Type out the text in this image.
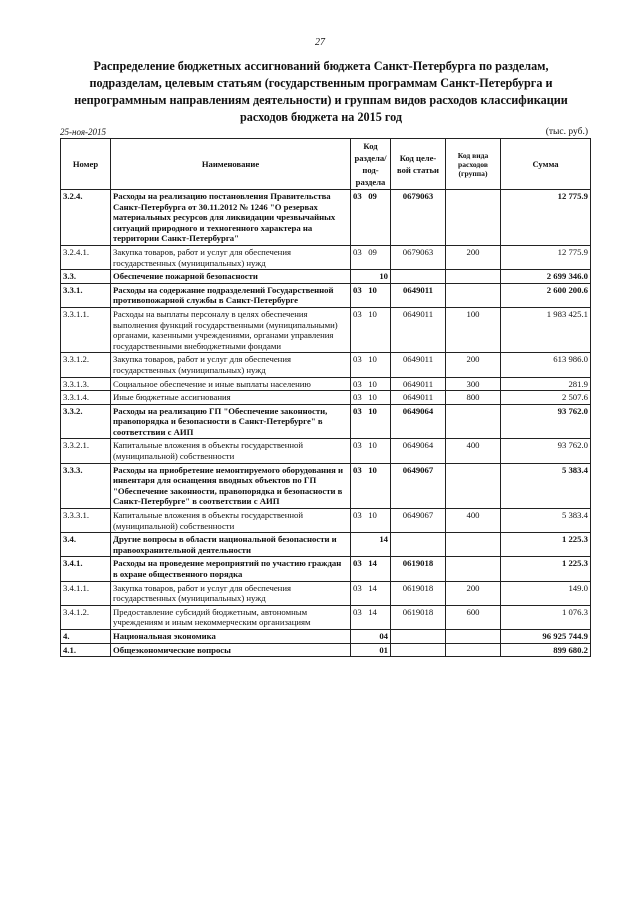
27
Распределение бюджетных ассигнований бюджета Санкт-Петербурга по разделам, подразделам, целевым статьям (государственным программам Санкт-Петербурга и непрограммным направлениям деятельности) и группам видов расходов классификации расходов бюджета на 2015 год
25-ноя-2015	(тыс. руб.)
Номер	Наименование	Код раздела/ под- раздела	Код целе- вой статьи	Код вида расходов (группа)	Сумма
3.2.4.	Расходы на реализацию постановления Правительства Санкт-Петербурга от 30.11.2012 № 1246 "О резервах материальных ресурсов для ликвидации чрезвычайных ситуаций природного и техногенного характера на территории Санкт-Петербурга"	03   09	0679063		12 775.9
3.2.4.1.	Закупка товаров, работ и услуг для обеспечения государственных (муниципальных) нужд	03   09	0679063	200	12 775.9
3.3.	Обеспечение пожарной безопасности	10			2 699 346.0
3.3.1.	Расходы на содержание подразделений Государственной противопожарной службы в Санкт-Петербурге	03   10	0649011		2 600 200.6
3.3.1.1.	Расходы на выплаты персоналу в целях обеспечения выполнения функций государственными (муниципальными) органами, казенными учреждениями, органами управления государственными внебюджетными фондами	03   10	0649011	100	1 983 425.1
3.3.1.2.	Закупка товаров, работ и услуг для обеспечения государственных (муниципальных) нужд	03   10	0649011	200	613 986.0
3.3.1.3.	Социальное обеспечение и иные выплаты населению	03   10	0649011	300	281.9
3.3.1.4.	Иные бюджетные ассигнования	03   10	0649011	800	2 507.6
3.3.2.	Расходы на реализацию ГП "Обеспечение законности, правопорядка и безопасности в Санкт-Петербурге" в соответствии с АИП	03   10	0649064		93 762.0
3.3.2.1.	Капитальные вложения в объекты государственной (муниципальной) собственности	03   10	0649064	400	93 762.0
3.3.3.	Расходы на приобретение немонтируемого оборудования и инвентаря для оснащения вводных объектов по ГП "Обеспечение законности, правопорядка и безопасности в Санкт-Петербурге" в соответствии с АИП	03   10	0649067		5 383.4
3.3.3.1.	Капитальные вложения в объекты государственной (муниципальной) собственности	03   10	0649067	400	5 383.4
3.4.	Другие вопросы в области национальной безопасности и правоохранительной деятельности	14			1 225.3
3.4.1.	Расходы на проведение мероприятий по участию граждан в охране общественного порядка	03   14	0619018		1 225.3
3.4.1.1.	Закупка товаров, работ и услуг для обеспечения государственных (муниципальных) нужд	03   14	0619018	200	149.0
3.4.1.2.	Предоставление субсидий бюджетным, автономным учреждениям и иным некоммерческим организациям	03   14	0619018	600	1 076.3
4.	Национальная экономика	04			96 925 744.9
4.1.	Общеэкономические вопросы	01			899 680.2
